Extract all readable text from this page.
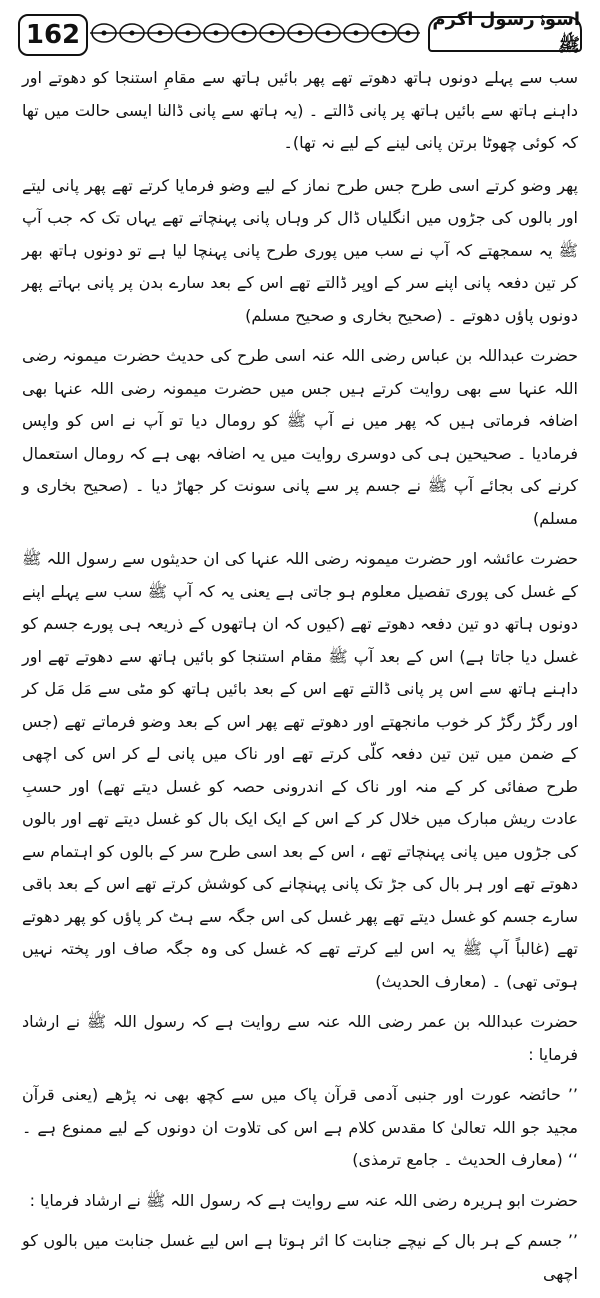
162
اسوۂ رسول اکرم ﷺ

سب سے پہلے دونوں ہاتھ دھوتے تھے پھر بائیں ہاتھ سے مقامِ استنجا کو دھوتے اور داہنے ہاتھ سے بائیں ہاتھ پر پانی ڈالتے ۔ (یہ ہاتھ سے پانی ڈالنا ایسی حالت میں تھا کہ کوئی چھوٹا برتن پانی لینے کے لیے نہ تھا)۔

پھر وضو کرتے اسی طرح جس طرح نماز کے لیے وضو فرمایا کرتے تھے پھر پانی لیتے اور بالوں کی جڑوں میں انگلیاں ڈال کر وہاں پانی پہنچاتے تھے یہاں تک کہ جب آپ ﷺ یہ سمجھتے کہ آپ نے سب میں پوری طرح پانی پہنچا لیا ہے تو دونوں ہاتھ بھر کر تین دفعہ پانی اپنے سر کے اوپر ڈالتے تھے اس کے بعد سارے بدن پر پانی بہاتے پھر دونوں پاؤں دھوتے ۔ (صحیح بخاری و صحیح مسلم)

حضرت عبداللہ بن عباس رضی اللہ عنہ اسی طرح کی حدیث حضرت میمونہ رضی اللہ عنہا سے بھی روایت کرتے ہیں جس میں حضرت میمونہ رضی اللہ عنہا بھی اضافہ فرماتی ہیں کہ پھر میں نے آپ ﷺ کو رومال دیا تو آپ نے اس کو واپس فرمادیا ۔ صحیحین ہی کی دوسری روایت میں یہ اضافہ بھی ہے کہ رومال استعمال کرنے کی بجائے آپ ﷺ نے جسم پر سے پانی سونت کر جھاڑ دیا ۔ (صحیح بخاری و مسلم)

حضرت عائشہ اور حضرت میمونہ رضی اللہ عنہا کی ان حدیثوں سے رسول اللہ ﷺ کے غسل کی پوری تفصیل معلوم ہو جاتی ہے یعنی یہ کہ آپ ﷺ سب سے پہلے اپنے دونوں ہاتھ دو تین دفعہ دھوتے تھے (کیوں کہ ان ہاتھوں کے ذریعہ ہی پورے جسم کو غسل دیا جاتا ہے) اس کے بعد آپ ﷺ مقام استنجا کو بائیں ہاتھ سے دھوتے تھے اور داہنے ہاتھ سے اس پر پانی ڈالتے تھے اس کے بعد بائیں ہاتھ کو مٹی سے مَل مَل کر اور رگڑ رگڑ کر خوب مانجھتے اور دھوتے تھے پھر اس کے بعد وضو فرماتے تھے (جس کے ضمن میں تین تین دفعہ کلّی کرتے تھے اور ناک میں پانی لے کر اس کی اچھی طرح صفائی کر کے منہ اور ناک کے اندرونی حصہ کو غسل دیتے تھے) اور حسبِ عادت ریش مبارک میں خلال کر کے اس کے ایک ایک بال کو غسل دیتے تھے اور بالوں کی جڑوں میں پانی پہنچاتے تھے ، اس کے بعد اسی طرح سر کے بالوں کو اہتمام سے دھوتے تھے اور ہر بال کی جڑ تک پانی پہنچانے کی کوشش کرتے تھے اس کے بعد باقی سارے جسم کو غسل دیتے تھے پھر غسل کی اس جگہ سے ہٹ کر پاؤں کو پھر دھوتے تھے (غالباً آپ ﷺ یہ اس لیے کرتے تھے کہ غسل کی وہ جگہ صاف اور پختہ نہیں ہوتی تھی) ۔ (معارف الحدیث)

حضرت عبداللہ بن عمر رضی اللہ عنہ سے روایت ہے کہ رسول اللہ ﷺ نے ارشاد فرمایا :

’’ حائضہ عورت اور جنبی آدمی قرآن پاک میں سے کچھ بھی نہ پڑھے (یعنی قرآن مجید جو اللہ تعالیٰ کا مقدس کلام ہے اس کی تلاوت ان دونوں کے لیے ممنوع ہے ۔ ‘‘ (معارف الحدیث ۔ جامع ترمذی)

حضرت ابو ہریرہ رضی اللہ عنہ سے روایت ہے کہ رسول اللہ ﷺ نے ارشاد فرمایا :

’’ جسم کے ہر بال کے نیچے جنابت کا اثر ہوتا ہے اس لیے غسل جنابت میں بالوں کو اچھی
